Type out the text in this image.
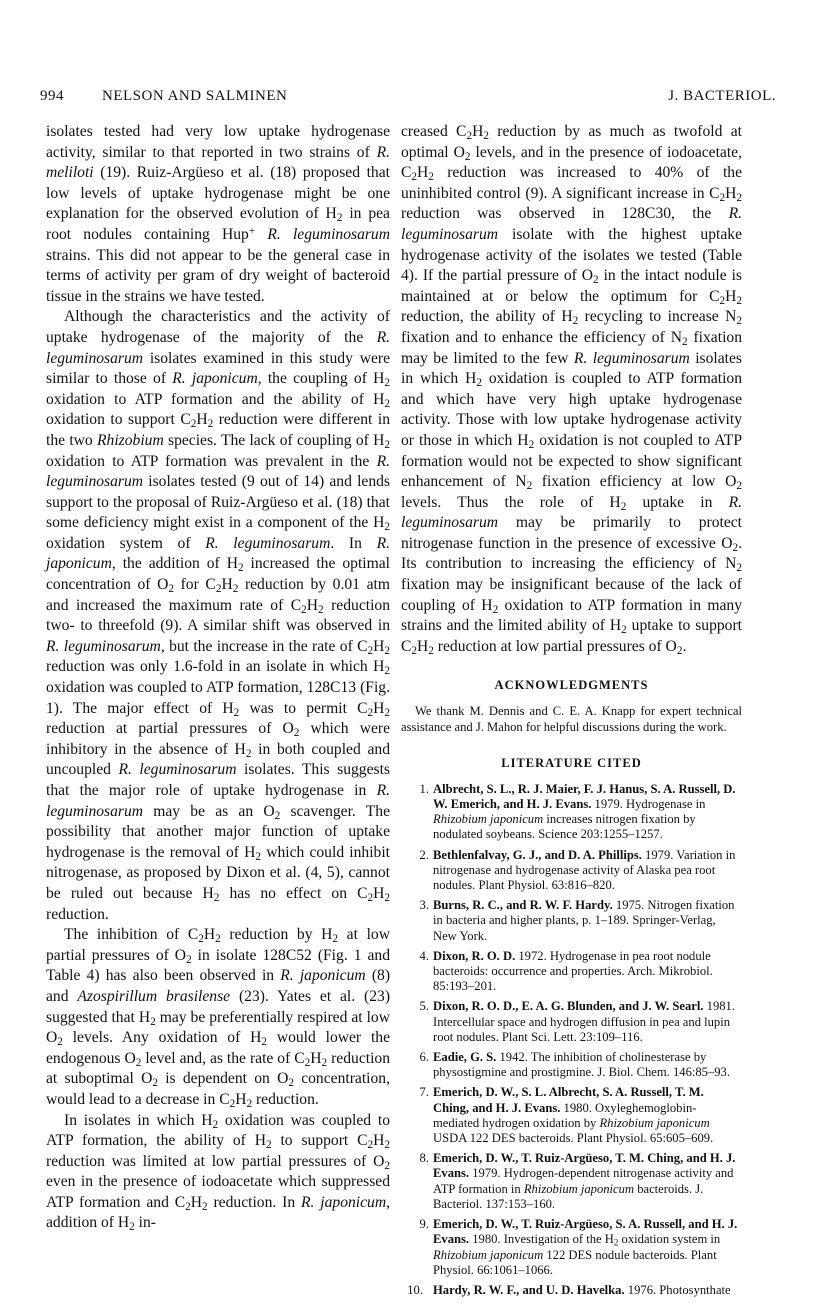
994	NELSON AND SALMINEN	J. BACTERIOL.

isolates tested had very low uptake hydrogenase activity, similar to that reported in two strains of R. meliloti (19). Ruiz-Argüeso et al. (18) proposed that low levels of uptake hydrogenase might be one explanation for the observed evolution of $H_2$ in pea root nodules containing Hup+ R. leguminosarum strains. This did not appear to be the general case in terms of activity per gram of dry weight of bacteroid tissue in the strains we have tested.

Although the characteristics and the activity of uptake hydrogenase of the majority of the R. leguminosarum isolates examined in this study were similar to those of R. japonicum, the coupling of $H_2$ oxidation to ATP formation and the ability of $H_2$ oxidation to support $C_2H_2$ reduction were different in the two Rhizobium species. The lack of coupling of $H_2$ oxidation to ATP formation was prevalent in the R. leguminosarum isolates tested (9 out of 14) and lends support to the proposal of Ruiz-Argüeso et al. (18) that some deficiency might exist in a component of the $H_2$ oxidation system of R. leguminosarum. In R. japonicum, the addition of $H_2$ increased the optimal concentration of $O_2$ for $C_2H_2$ reduction by 0.01 atm and increased the maximum rate of $C_2H_2$ reduction two- to threefold (9). A similar shift was observed in R. leguminosarum, but the increase in the rate of $C_2H_2$ reduction was only 1.6-fold in an isolate in which $H_2$ oxidation was coupled to ATP formation, 128C13 (Fig. 1). The major effect of $H_2$ was to permit $C_2H_2$ reduction at partial pressures of $O_2$ which were inhibitory in the absence of $H_2$ in both coupled and uncoupled R. leguminosarum isolates. This suggests that the major role of uptake hydrogenase in R. leguminosarum may be as an $O_2$ scavenger. The possibility that another major function of uptake hydrogenase is the removal of $H_2$ which could inhibit nitrogenase, as proposed by Dixon et al. (4, 5), cannot be ruled out because $H_2$ has no effect on $C_2H_2$ reduction.

The inhibition of $C_2H_2$ reduction by $H_2$ at low partial pressures of $O_2$ in isolate 128C52 (Fig. 1 and Table 4) has also been observed in R. japonicum (8) and Azospirillum brasilense (23). Yates et al. (23) suggested that $H_2$ may be preferentially respired at low $O_2$ levels. Any oxidation of $H_2$ would lower the endogenous $O_2$ level and, as the rate of $C_2H_2$ reduction at suboptimal $O_2$ is dependent on $O_2$ concentration, would lead to a decrease in $C_2H_2$ reduction.

In isolates in which $H_2$ oxidation was coupled to ATP formation, the ability of $H_2$ to support $C_2H_2$ reduction was limited at low partial pressures of $O_2$ even in the presence of iodoacetate which suppressed ATP formation and $C_2H_2$ reduction. In R. japonicum, addition of $H_2$ in-

creased $C_2H_2$ reduction by as much as twofold at optimal $O_2$ levels, and in the presence of iodoacetate, $C_2H_2$ reduction was increased to 40% of the uninhibited control (9). A significant increase in $C_2H_2$ reduction was observed in 128C30, the R. leguminosarum isolate with the highest uptake hydrogenase activity of the isolates we tested (Table 4). If the partial pressure of $O_2$ in the intact nodule is maintained at or below the optimum for $C_2H_2$ reduction, the ability of $H_2$ recycling to increase $N_2$ fixation and to enhance the efficiency of $N_2$ fixation may be limited to the few R. leguminosarum isolates in which $H_2$ oxidation is coupled to ATP formation and which have very high uptake hydrogenase activity. Those with low uptake hydrogenase activity or those in which $H_2$ oxidation is not coupled to ATP formation would not be expected to show significant enhancement of $N_2$ fixation efficiency at low $O_2$ levels. Thus the role of $H_2$ uptake in R. leguminosarum may be primarily to protect nitrogenase function in the presence of excessive $O_2$. Its contribution to increasing the efficiency of $N_2$ fixation may be insignificant because of the lack of coupling of $H_2$ oxidation to ATP formation in many strains and the limited ability of $H_2$ uptake to support $C_2H_2$ reduction at low partial pressures of $O_2$.

ACKNOWLEDGMENTS

We thank M. Dennis and C. E. A. Knapp for expert technical assistance and J. Mahon for helpful discussions during the work.

LITERATURE CITED
1. Albrecht, S. L., R. J. Maier, F. J. Hanus, S. A. Russell, D. W. Emerich, and H. J. Evans. 1979. Hydrogenase in Rhizobium japonicum increases nitrogen fixation by nodulated soybeans. Science 203:1255–1257.
2. Bethlenfalvay, G. J., and D. A. Phillips. 1979. Variation in nitrogenase and hydrogenase activity of Alaska pea root nodules. Plant Physiol. 63:816–820.
3. Burns, R. C., and R. W. F. Hardy. 1975. Nitrogen fixation in bacteria and higher plants, p. 1–189. Springer-Verlag, New York.
4. Dixon, R. O. D. 1972. Hydrogenase in pea root nodule bacteroids: occurrence and properties. Arch. Mikrobiol. 85:193–201.
5. Dixon, R. O. D., E. A. G. Blunden, and J. W. Searl. 1981. Intercellular space and hydrogen diffusion in pea and lupin root nodules. Plant Sci. Lett. 23:109–116.
6. Eadie, G. S. 1942. The inhibition of cholinesterase by physostigmine and prostigmine. J. Biol. Chem. 146:85–93.
7. Emerich, D. W., S. L. Albrecht, S. A. Russell, T. M. Ching, and H. J. Evans. 1980. Oxyleghemoglobin-mediated hydrogen oxidation by Rhizobium japonicum USDA 122 DES bacteroids. Plant Physiol. 65:605–609.
8. Emerich, D. W., T. Ruiz-Argüeso, T. M. Ching, and H. J. Evans. 1979. Hydrogen-dependent nitrogenase activity and ATP formation in Rhizobium japonicum bacteroids. J. Bacteriol. 137:153–160.
9. Emerich, D. W., T. Ruiz-Argüeso, S. A. Russell, and H. J. Evans. 1980. Investigation of the $H_2$ oxidation system in Rhizobium japonicum 122 DES nodule bacteroids. Plant Physiol. 66:1061–1066.
10. Hardy, R. W. F., and U. D. Havelka. 1976. Photosynthate
